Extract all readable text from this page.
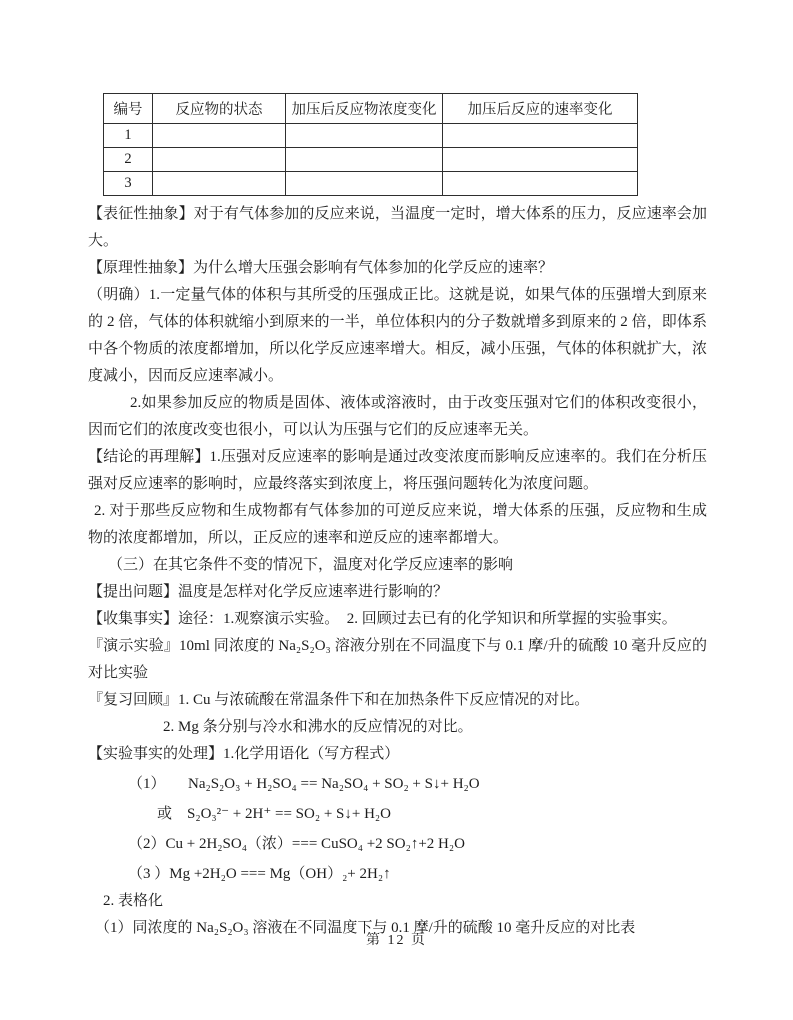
编号	反应物的状态	加压后反应物浓度变化	加压后反应的速率变化
1			
2			
3			

【表征性抽象】对于有气体参加的反应来说，当温度一定时，增大体系的压力，反应速率会加大。

【原理性抽象】为什么增大压强会影响有气体参加的化学反应的速率？

（明确）1.一定量气体的体积与其所受的压强成正比。这就是说，如果气体的压强增大到原来的 2 倍，气体的体积就缩小到原来的一半，单位体积内的分子数就增多到原来的 2 倍，即体系中各个物质的浓度都增加，所以化学反应速率增大。相反，减小压强，气体的体积就扩大，浓度减小，因而反应速率减小。

2.如果参加反应的物质是固体、液体或溶液时，由于改变压强对它们的体积改变很小，因而它们的浓度改变也很小，可以认为压强与它们的反应速率无关。

【结论的再理解】1.压强对反应速率的影响是通过改变浓度而影响反应速率的。我们在分析压强对反应速率的影响时，应最终落实到浓度上，将压强问题转化为浓度问题。

2. 对于那些反应物和生成物都有气体参加的可逆反应来说，增大体系的压强，反应物和生成物的浓度都增加，所以，正反应的速率和逆反应的速率都增大。

（三）在其它条件不变的情况下，温度对化学反应速率的影响

【提出问题】温度是怎样对化学反应速率进行影响的？

【收集事实】途径：1.观察演示实验。　2. 回顾过去已有的化学知识和所掌握的实验事实。

『演示实验』10ml 同浓度的 Na₂S₂O₃ 溶液分别在不同温度下与 0.1 摩/升的硫酸 10 毫升反应的对比实验

『复习回顾』1. Cu 与浓硫酸在常温条件下和在加热条件下反应情况的对比。

2. Mg 条分别与冷水和沸水的反应情况的对比。

【实验事实的处理】1.化学用语化（写方程式）

（1）　　Na₂S₂O₃ + H₂SO₄ == Na₂SO₄ + SO₂ + S↓+ H₂O

或　S₂O₃²⁻ + 2H⁺ == SO₂ + S↓+ H₂O

（2）Cu + 2H₂SO₄（浓）=== CuSO₄ +2 SO₂↑+2 H₂O

（3 ）Mg +2H₂O === Mg（OH）₂+ 2H₂↑

2. 表格化

（1）同浓度的 Na₂S₂O₃ 溶液在不同温度下与 0.1 摩/升的硫酸 10 毫升反应的对比表

第 12 页
